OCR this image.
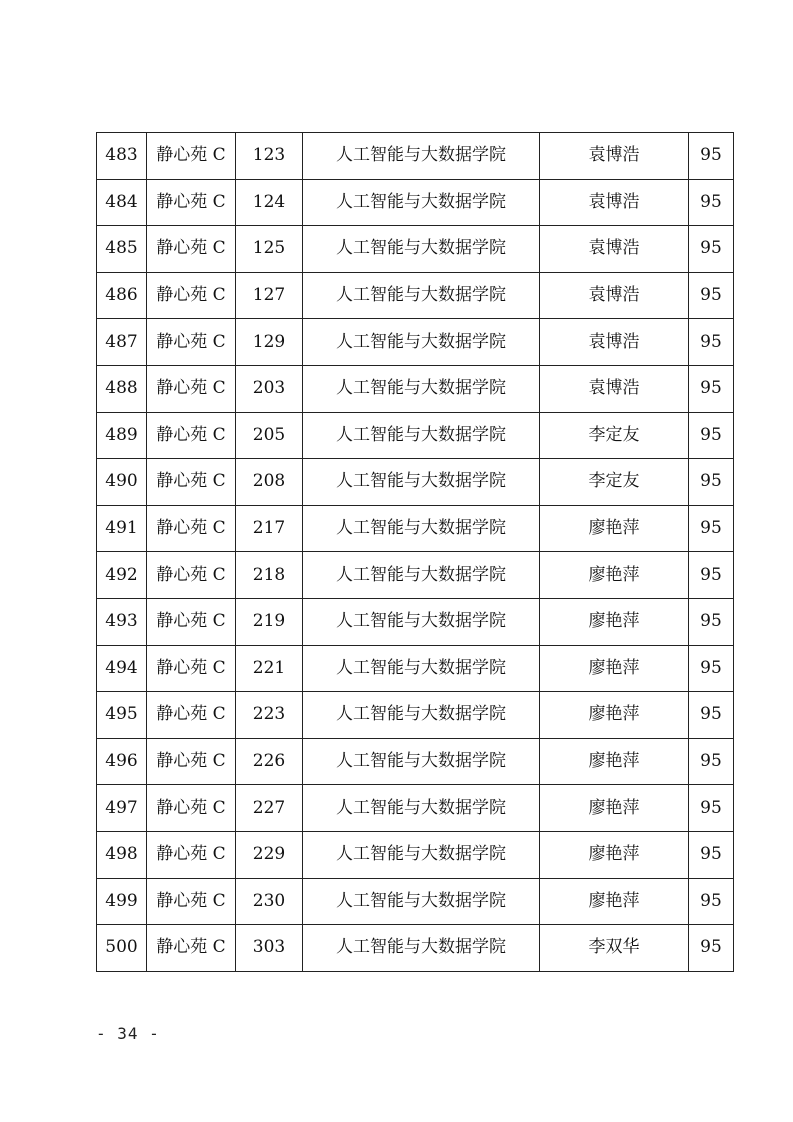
483	静心苑 C	123	人工智能与大数据学院	袁博浩	95
484	静心苑 C	124	人工智能与大数据学院	袁博浩	95
485	静心苑 C	125	人工智能与大数据学院	袁博浩	95
486	静心苑 C	127	人工智能与大数据学院	袁博浩	95
487	静心苑 C	129	人工智能与大数据学院	袁博浩	95
488	静心苑 C	203	人工智能与大数据学院	袁博浩	95
489	静心苑 C	205	人工智能与大数据学院	李定友	95
490	静心苑 C	208	人工智能与大数据学院	李定友	95
491	静心苑 C	217	人工智能与大数据学院	廖艳萍	95
492	静心苑 C	218	人工智能与大数据学院	廖艳萍	95
493	静心苑 C	219	人工智能与大数据学院	廖艳萍	95
494	静心苑 C	221	人工智能与大数据学院	廖艳萍	95
495	静心苑 C	223	人工智能与大数据学院	廖艳萍	95
496	静心苑 C	226	人工智能与大数据学院	廖艳萍	95
497	静心苑 C	227	人工智能与大数据学院	廖艳萍	95
498	静心苑 C	229	人工智能与大数据学院	廖艳萍	95
499	静心苑 C	230	人工智能与大数据学院	廖艳萍	95
500	静心苑 C	303	人工智能与大数据学院	李双华	95
- 34 -
